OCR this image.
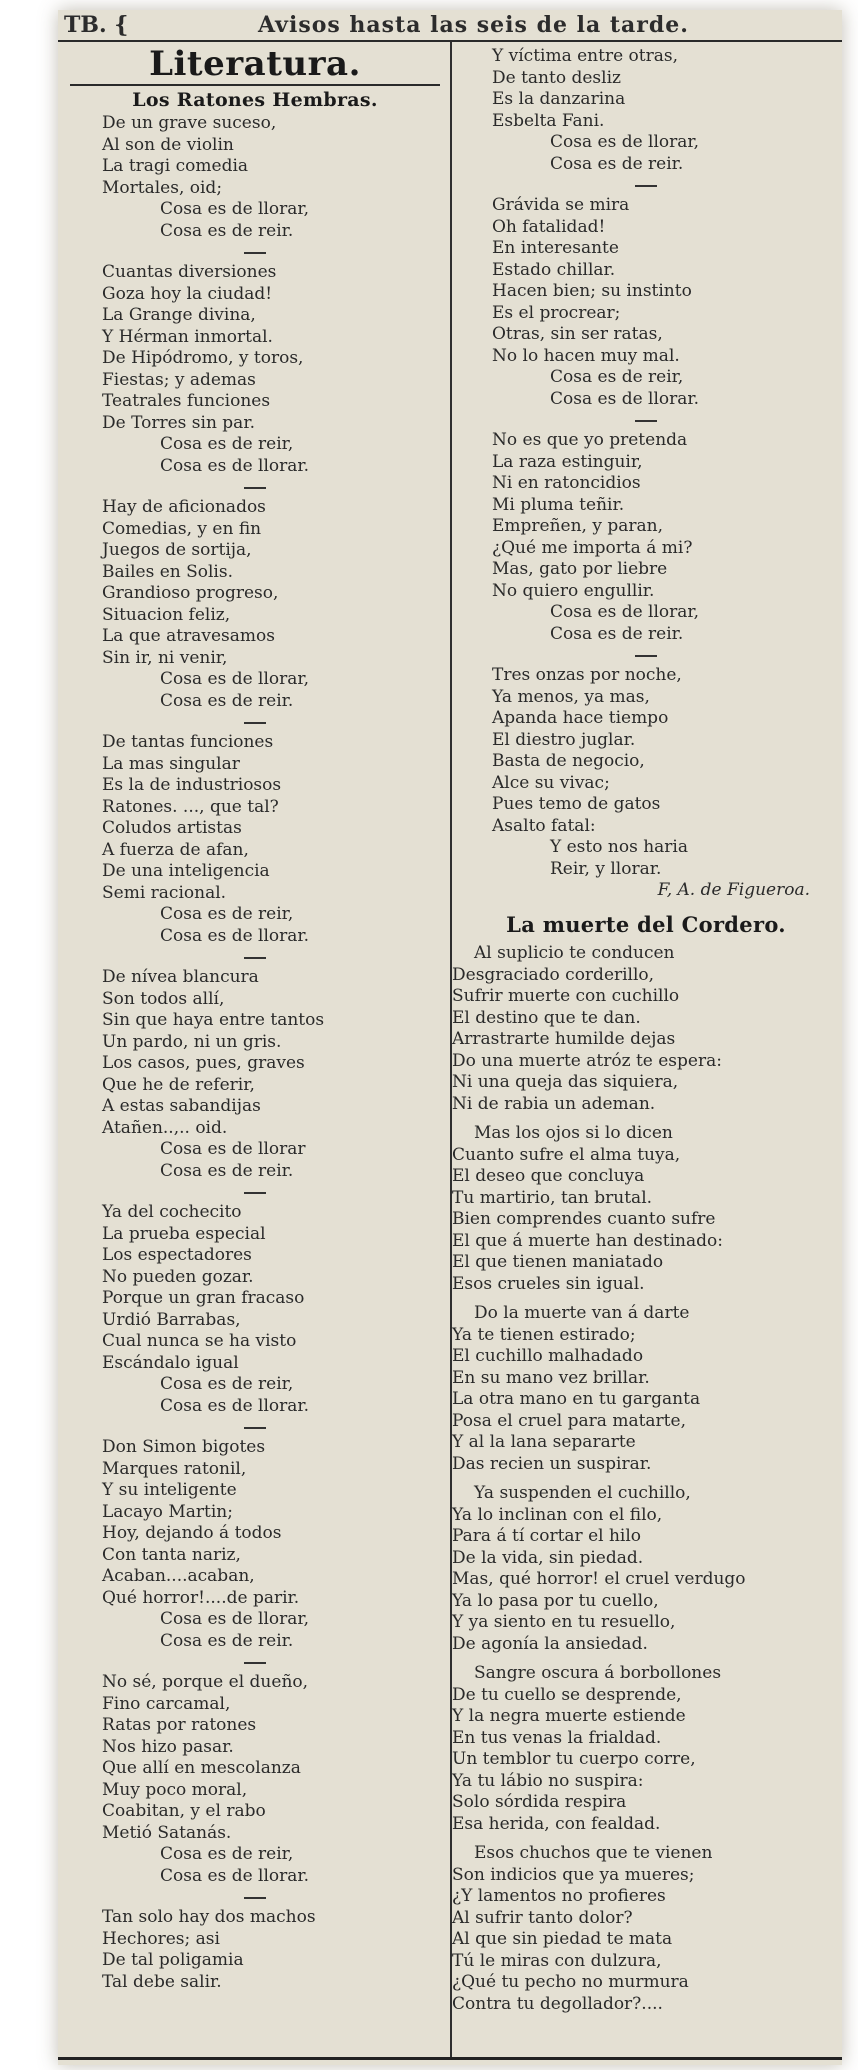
TB. {	Avisos hasta las seis de la tarde.
Literatura.
Los Ratones Hembras.
De un grave suceso,
Al son de violin
La tragi comedia
Mortales, oid;
Cosa es de llorar,
Cosa es de reir.
Cuantas diversiones
Goza hoy la ciudad!
La Grange divina,
Y Hérman inmortal.
De Hipódromo, y toros,
Fiestas; y ademas
Teatrales funciones
De Torres sin par.
Cosa es de reir,
Cosa es de llorar.
Hay de aficionados
Comedias, y en fin
Juegos de sortija,
Bailes en Solis.
Grandioso progreso,
Situacion feliz,
La que atravesamos
Sin ir, ni venir,
Cosa es de llorar,
Cosa es de reir.
De tantas funciones
La mas singular
Es la de industriosos
Ratones. ..., que tal?
Coludos artistas
A fuerza de afan,
De una inteligencia
Semi racional.
Cosa es de reir,
Cosa es de llorar.
De nívea blancura
Son todos allí,
Sin que haya entre tantos
Un pardo, ni un gris.
Los casos, pues, graves
Que he de referir,
A estas sabandijas
Atañen..,.. oid.
Cosa es de llorar
Cosa es de reir.
Ya del cochecito
La prueba especial
Los espectadores
No pueden gozar.
Porque un gran fracaso
Urdió Barrabas,
Cual nunca se ha visto
Escándalo igual
Cosa es de reir,
Cosa es de llorar.
Don Simon bigotes
Marques ratonil,
Y su inteligente
Lacayo Martin;
Hoy, dejando á todos
Con tanta nariz,
Acaban....acaban,
Qué horror!....de parir.
Cosa es de llorar,
Cosa es de reir.
No sé, porque el dueño,
Fino carcamal,
Ratas por ratones
Nos hizo pasar.
Que allí en mescolanza
Muy poco moral,
Coabitan, y el rabo
Metió Satanás.
Cosa es de reir,
Cosa es de llorar.
Tan solo hay dos machos
Hechores; asi
De tal poligamia
Tal debe salir.
Y víctima entre otras,
De tanto desliz
Es la danzarina
Esbelta Fani.
Cosa es de llorar,
Cosa es de reir.
Grávida se mira
Oh fatalidad!
En interesante
Estado chillar.
Hacen bien; su instinto
Es el procrear;
Otras, sin ser ratas,
No lo hacen muy mal.
Cosa es de reir,
Cosa es de llorar.
No es que yo pretenda
La raza estinguir,
Ni en ratoncidios
Mi pluma teñir.
Empreñen, y paran,
¿Qué me importa á mi?
Mas, gato por liebre
No quiero engullir.
Cosa es de llorar,
Cosa es de reir.
Tres onzas por noche,
Ya menos, ya mas,
Apanda hace tiempo
El diestro juglar.
Basta de negocio,
Alce su vivac;
Pues temo de gatos
Asalto fatal:
Y esto nos haria
Reir, y llorar.
F, A. de Figueroa.
La muerte del Cordero.
Al suplicio te conducen
Desgraciado corderillo,
Sufrir muerte con cuchillo
El destino que te dan.
Arrastrarte humilde dejas
Do una muerte atróz te espera:
Ni una queja das siquiera,
Ni de rabia un ademan.
Mas los ojos si lo dicen
Cuanto sufre el alma tuya,
El deseo que concluya
Tu martirio, tan brutal.
Bien comprendes cuanto sufre
El que á muerte han destinado:
El que tienen maniatado
Esos crueles sin igual.
Do la muerte van á darte
Ya te tienen estirado;
El cuchillo malhadado
En su mano vez brillar.
La otra mano en tu garganta
Posa el cruel para matarte,
Y al la lana separarte
Das recien un suspirar.
Ya suspenden el cuchillo,
Ya lo inclinan con el filo,
Para á tí cortar el hilo
De la vida, sin piedad.
Mas, qué horror! el cruel verdugo
Ya lo pasa por tu cuello,
Y ya siento en tu resuello,
De agonía la ansiedad.
Sangre oscura á borbollones
De tu cuello se desprende,
Y la negra muerte estiende
En tus venas la frialdad.
Un temblor tu cuerpo corre,
Ya tu lábio no suspira:
Solo sórdida respira
Esa herida, con fealdad.
Esos chuchos que te vienen
Son indicios que ya mueres;
¿Y lamentos no profieres
Al sufrir tanto dolor?
Al que sin piedad te mata
Tú le miras con dulzura,
¿Qué tu pecho no murmura
Contra tu degollador?....
